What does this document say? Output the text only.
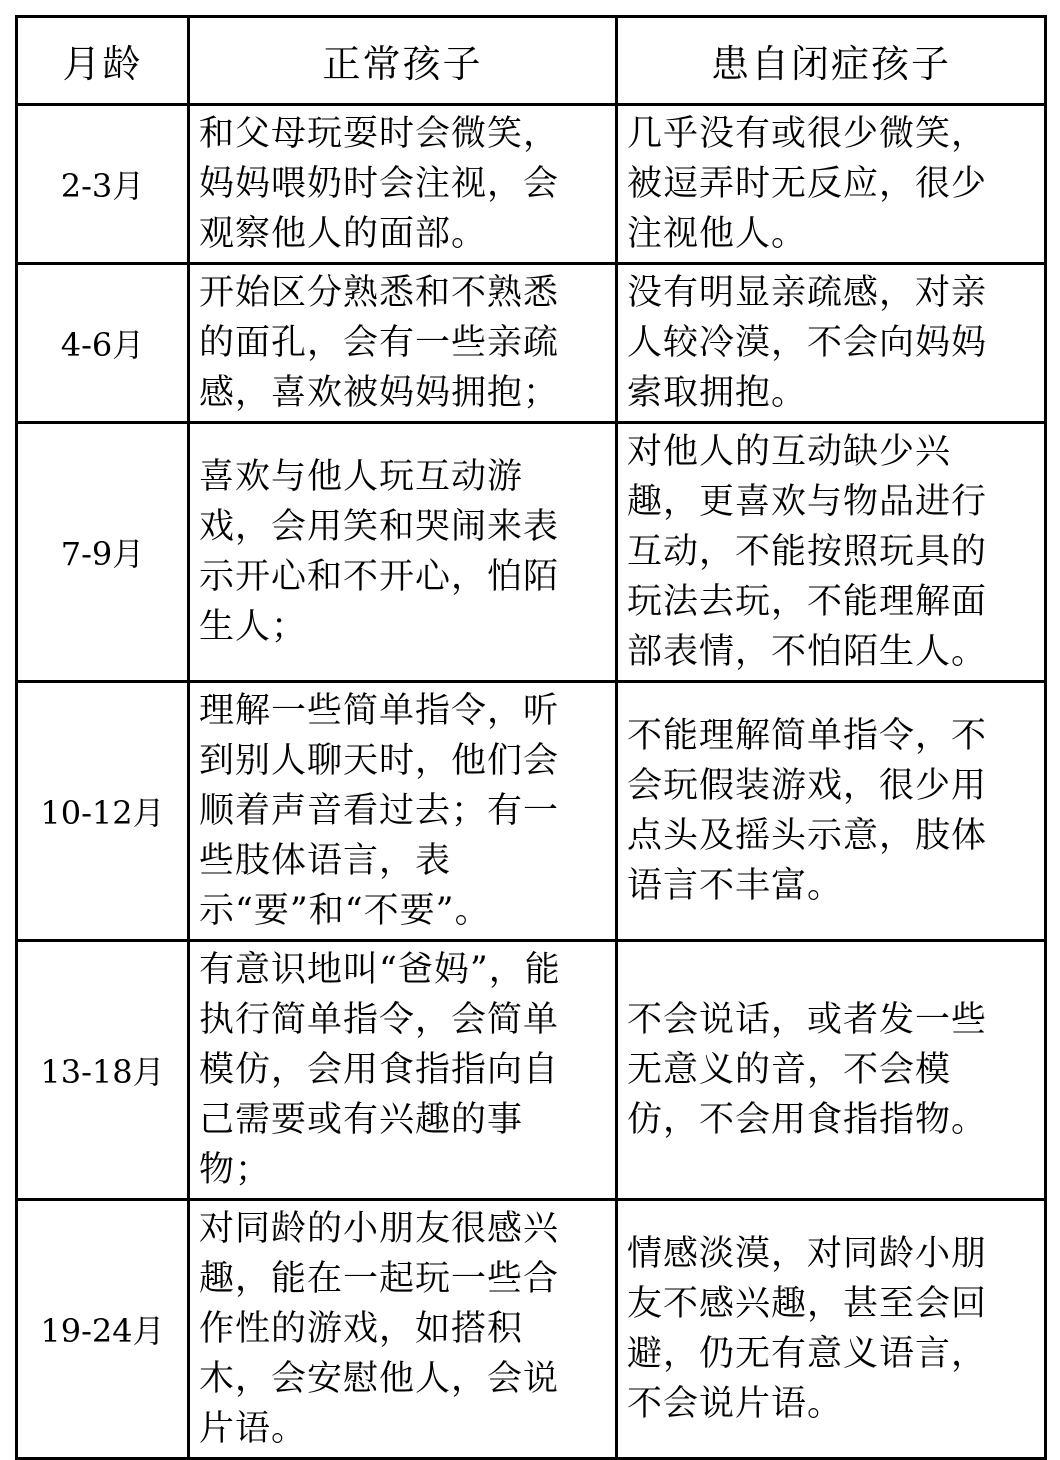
月龄	正常孩子	患自闭症孩子
2-3月	和父母玩耍时会微笑，妈妈喂奶时会注视，会观察他人的面部。	几乎没有或很少微笑，被逗弄时无反应，很少注视他人。

4-6月	开始区分熟悉和不熟悉的面孔，会有一些亲疏感，喜欢被妈妈拥抱；	没有明显亲疏感，对亲人较冷漠，不会向妈妈索取拥抱。

7-9月	喜欢与他人玩互动游戏，会用笑和哭闹来表示开心和不开心，怕陌生人；	对他人的互动缺少兴趣，更喜欢与物品进行互动，不能按照玩具的玩法去玩，不能理解面部表情，不怕陌生人。

10-12月	理解一些简单指令，听到别人聊天时，他们会顺着声音看过去；有一些肢体语言，表示“要”和“不要”。	不能理解简单指令，不会玩假装游戏，很少用点头及摇头示意，肢体语言不丰富。

13-18月	有意识地叫“爸妈”，能执行简单指令，会简单模仿，会用食指指向自己需要或有兴趣的事物；	不会说话，或者发一些无意义的音，不会模仿，不会用食指指物。

19-24月	对同龄的小朋友很感兴趣，能在一起玩一些合作性的游戏，如搭积木，会安慰他人，会说片语。	情感淡漠，对同龄小朋友不感兴趣，甚至会回避，仍无有意义语言，不会说片语。
